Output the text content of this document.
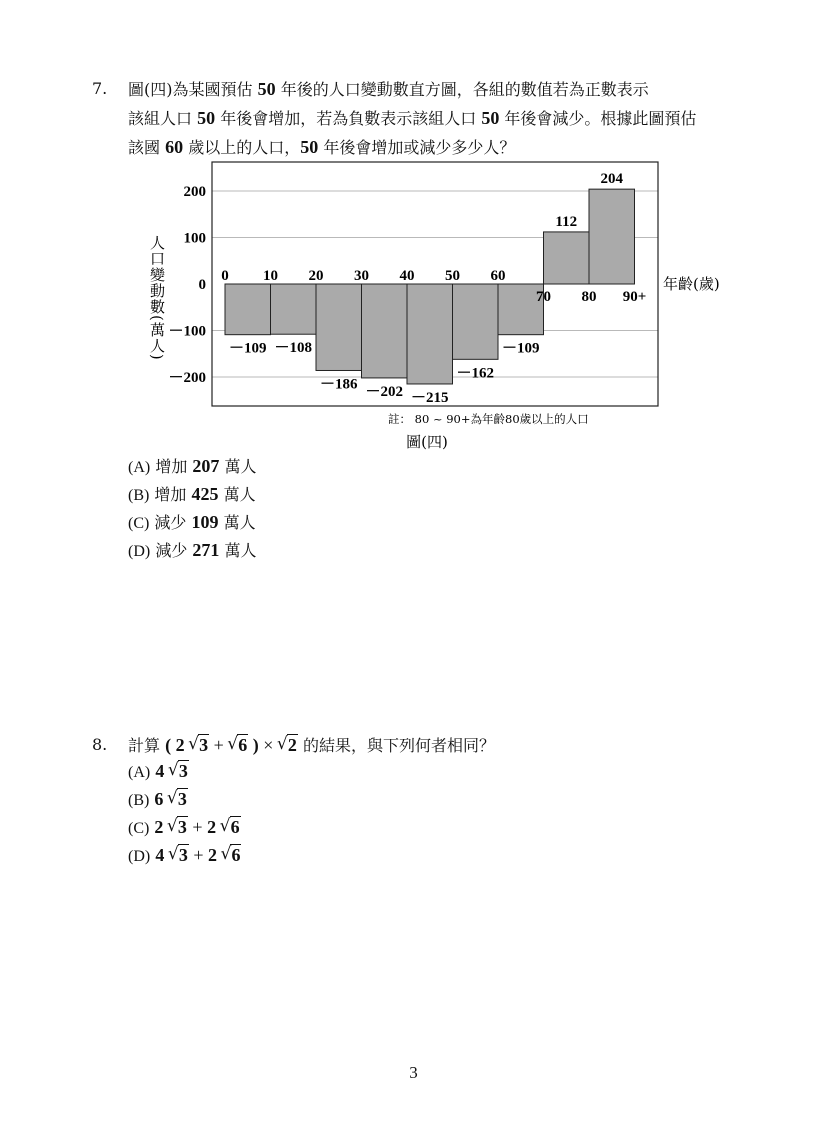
7. 圖(四)為某國預估 50 年後的人口變動數直方圖，各組的數值若為正數表示
該組人口 50 年後會增加，若為負數表示該組人口 50 年後會減少。根據此圖預估
該國 60 歲以上的人口，50 年後會增加或減少多少人？
200
100
0
－100
－200
－109 －108
－186 －202 －215
－162
－109
112
204
0 10 20 30 40 50 60
70 80 90+
年齡(歲)
人口變動數(萬人)
註： 80 ~ 90+為年齡80歲以上的人口
圖(四)
(A) 增加 207 萬人
(B) 增加 425 萬人
(C) 減少 109 萬人
(D) 減少 271 萬人
8. 計算 ( 2 √ 3 + √ 6 ) × √ 2 的結果，與下列何者相同？
(A) 4 √ 3
(B) 6 √ 3
(C) 2 √ 3 + 2 √ 6
(D) 4 √ 3 + 2 √ 6
3
